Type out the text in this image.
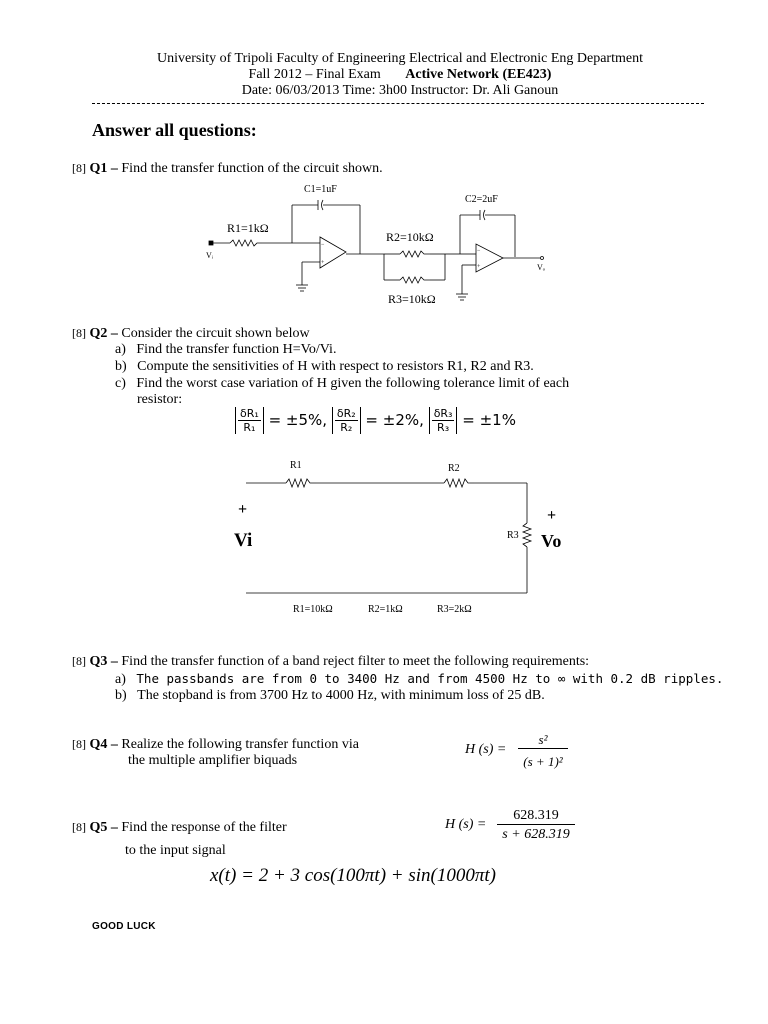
University of Tripoli Faculty of Engineering Electrical and Electronic Eng Department
Fall 2012 – Final Exam Active Network (EE423)
Date: 06/03/2013 Time: 3h00 Instructor: Dr. Ali Ganoun
Answer all questions:
[8] Q1 – Find the transfer function of the circuit shown.
−
+
−
+
C1=1uF
C2=2uF
R1=1kΩ
R2=10kΩ
R3=10kΩ
Vᵢ
Vₒ
[8] Q2 – Consider the circuit shown below
a) Find the transfer function H=Vo/Vi.
b) Compute the sensitivities of H with respect to resistors R1, R2 and R3.
c) Find the worst case variation of H given the following tolerance limit of each
resistor:
$\frac{\text{δR₁}}{\text{R₁}} = \pm 5\%$, $\frac{\text{δR₂}}{\text{R₂}} = \pm 2\%$, $\frac{\text{δR₃}}{\text{R₃}} = \pm 1\%$
R1	R2
R3
+	+
Vi	Vo
R1=10kΩ	R2=1kΩ	R3=2kΩ
[8] Q3 – Find the transfer function of a band reject filter to meet the following requirements:
a) The passbands are from 0 to 3400 Hz and from 4500 Hz to ∞ with 0.2 dB ripples.
b) The stopband is from 3700 Hz to 4000 Hz, with minimum loss of 25 dB.
[8] Q4 – Realize the following transfer function via
the multiple amplifier biquads
H (s) =
s²
(s + 1)²
[8] Q5 – Find the response of the filter
to the input signal
H (s) =
628.319
s + 628.319
x(t) = 2 + 3 cos(100πt) + sin(1000πt)
GOOD LUCK
